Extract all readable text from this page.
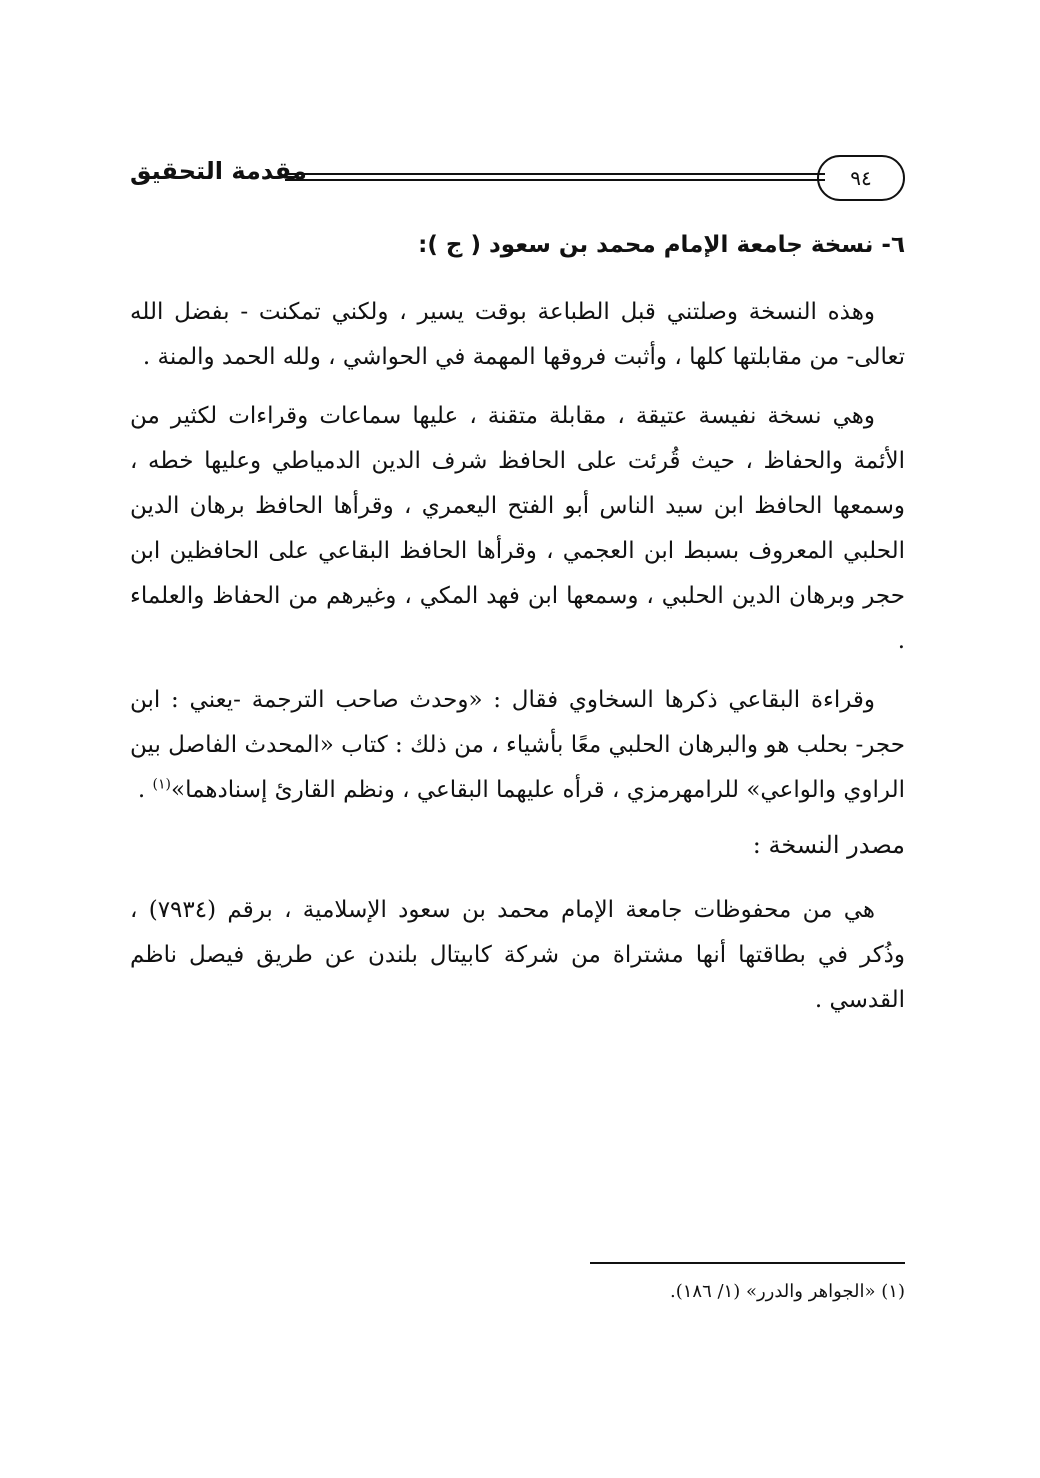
مقدمة التحقيق	٩٤
٦- نسخة جامعة الإمام محمد بن سعود ( ج ):

وهذه النسخة وصلتني قبل الطباعة بوقت يسير ، ولكني تمكنت - بفضل الله تعالى- من مقابلتها كلها ، وأثبت فروقها المهمة في الحواشي ، ولله الحمد والمنة .

وهي نسخة نفيسة عتيقة ، مقابلة متقنة ، عليها سماعات وقراءات لكثير من الأئمة والحفاظ ، حيث قُرئت على الحافظ شرف الدين الدمياطي وعليها خطه ، وسمعها الحافظ ابن سيد الناس أبو الفتح اليعمري ، وقرأها الحافظ برهان الدين الحلبي المعروف بسبط ابن العجمي ، وقرأها الحافظ البقاعي على الحافظين ابن حجر وبرهان الدين الحلبي ، وسمعها ابن فهد المكي ، وغيرهم من الحفاظ والعلماء .

وقراءة البقاعي ذكرها السخاوي فقال : «وحدث صاحب الترجمة -يعني : ابن حجر- بحلب هو والبرهان الحلبي معًا بأشياء ، من ذلك : كتاب «المحدث الفاصل بين الراوي والواعي» للرامهرمزي ، قرأه عليهما البقاعي ، ونظم القارئ إسنادهما»$^{(١)}$ .

مصدر النسخة :

هي من محفوظات جامعة الإمام محمد بن سعود الإسلامية ، برقم (٧٩٣٤) ، وذُكر في بطاقتها أنها مشتراة من شركة كابيتال بلندن عن طريق فيصل ناظم القدسي .

(١) «الجواهر والدرر» (١/ ١٨٦).
